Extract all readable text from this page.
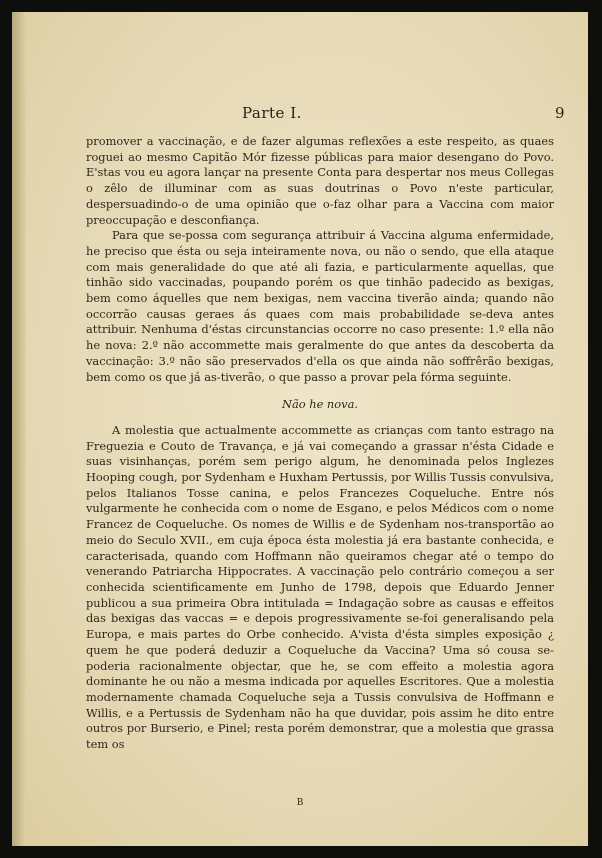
Parte I.	9

promover a vaccinação, e de fazer algumas reflexões a este respeito, as quaes roguei ao mesmo Capitão Mór fizesse públicas para maior desengano do Povo. E'stas vou eu agora lançar na presente Conta para despertar nos meus Collegas o zêlo de illuminar com as suas doutrinas o Povo n'este particular, despersuadindo-o de uma opinião que o-faz olhar para a Vaccina com maior preoccupação e desconfiança.

Para que se-possa com segurança attribuir á Vaccina alguma enfermidade, he preciso que ésta ou seja inteiramente nova, ou não o sendo, que ella ataque com mais generalidade do que até ali fazia, e particularmente aquellas, que tinhão sido vaccinadas, poupando porém os que tinhão padecido as bexigas, bem como áquelles que nem bexigas, nem vaccina tiverão ainda; quando não occorrão causas geraes ás quaes com mais probabilidade se-deva antes attribuir. Nenhuma d'éstas circunstancias occorre no caso presente: 1.º ella não he nova: 2.º não accommette mais geralmente do que antes da descoberta da vaccinação: 3.º não são preservados d'ella os que ainda não soffrêrão bexigas, bem como os que já as-tiverão, o que passo a provar pela fórma seguinte.

Não he nova.

A molestia que actualmente accommette as crianças com tanto estrago na Freguezia e Couto de Travança, e já vai começando a grassar n'ésta Cidade e suas visinhanças, porém sem perigo algum, he denominada pelos Inglezes Hooping cough, por Sydenham e Huxham Pertussis, por Willis Tussis convulsiva, pelos Italianos Tosse canina, e pelos Francezes Coqueluche. Entre nós vulgarmente he conhecida com o nome de Esgano, e pelos Médicos com o nome Francez de Coqueluche. Os nomes de Willis e de Sydenham nos-transportão ao meio do Seculo XVII., em cuja época ésta molestia já era bastante conhecida, e caracterisada, quando com Hoffmann não queiramos chegar até o tempo do venerando Patriarcha Hippocrates. A vaccinação pelo contrário começou a ser conhecida scientificamente em Junho de 1798, depois que Eduardo Jenner publicou a sua primeira Obra intitulada = Indagação sobre as causas e effeitos das bexigas das vaccas = e depois progressivamente se-foi generalisando pela Europa, e mais partes do Orbe conhecido. A'vista d'ésta simples exposição ¿ quem he que poderá deduzir a Coqueluche da Vaccina? Uma só cousa se-poderia racionalmente objectar, que he, se com effeito a molestia agora dominante he ou não a mesma indicada por aquelles Escritores. Que a molestia modernamente chamada Coqueluche seja a Tussis convulsiva de Hoffmann e Willis, e a Pertussis de Sydenham não ha que duvidar, pois assim he dito entre outros por Burserio, e Pinel; resta porém demonstrar, que a molestia que grassa tem os

B
